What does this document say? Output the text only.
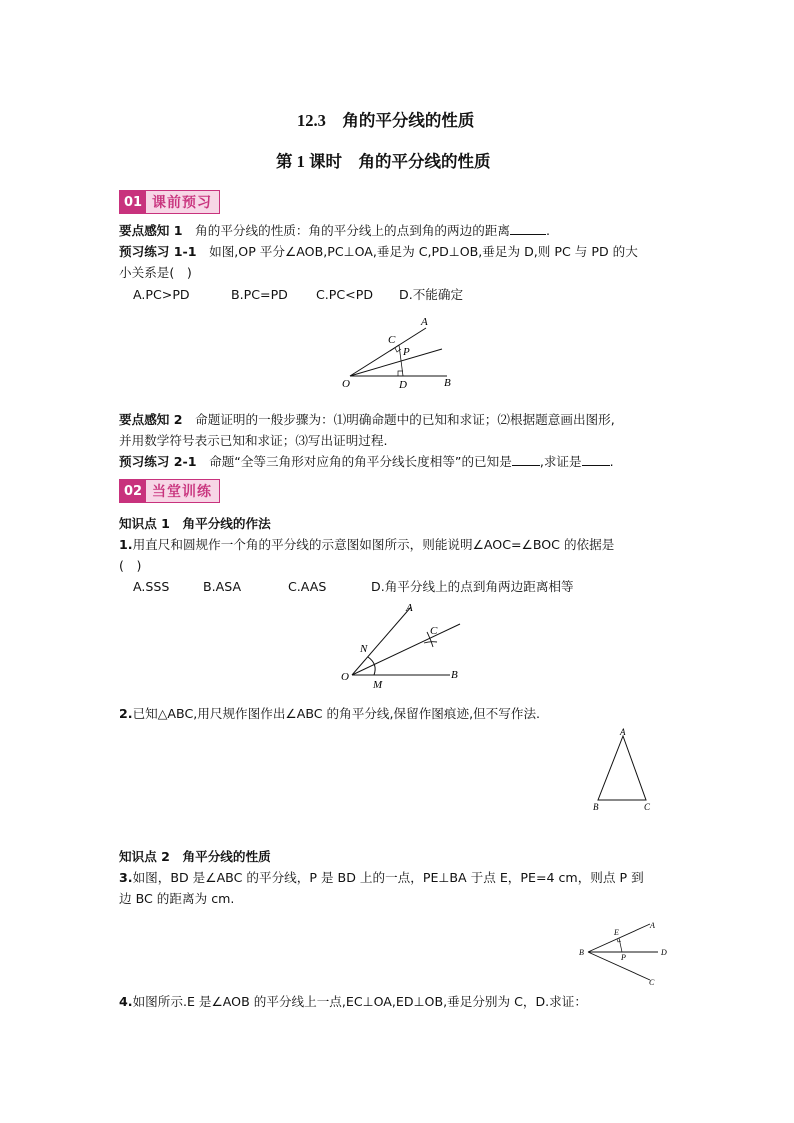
12.3　角的平分线的性质
第 1 课时　角的平分线的性质
01 课前预习
要点感知 1　 角的平分线的性质：角的平分线上的点到角的两边的距离	.
预习练习 1-1　 如图,OP 平分∠AOB,PC⊥OA,垂足为 C,PD⊥OB,垂足为 D,则 PC 与 PD 的大
小关系是(　)
A.PC>PD	B.PC=PD C.PC<PD D.不能确定
A
C
P
O	D	B
要点感知 2　 命题证明的一般步骤为：⑴明确命题中的已知和求证；⑵根据题意画出图形,
并用数学符号表示已知和求证；⑶写出证明过程.
预习练习 2-1　 命题“全等三角形对应角的角平分线长度相等”的已知是 ,求证是 .
02 当堂训练
知识点 1　角平分线的作法
1.用直尺和圆规作一个角的平分线的示意图如图所示，则能说明∠AOC=∠BOC 的依据是
(　)
A.SSS	B.ASA	C.AAS	D.角平分线上的点到角两边距离相等
A
C
N
O
M
B
2.已知△ABC,用尺规作图作出∠ABC 的角平分线,保留作图痕迹,但不写作法.
A
B	C
知识点 2　角平分线的性质
3.如图，BD 是∠ABC 的平分线，P 是 BD 上的一点，PE⊥BA 于点 E，PE=4 cm，则点 P 到
边 BC 的距离为 cm.
A
E
B
P
D
C
4.如图所示.E 是∠AOB 的平分线上一点,EC⊥OA,ED⊥OB,垂足分别为 C，D.求证：
